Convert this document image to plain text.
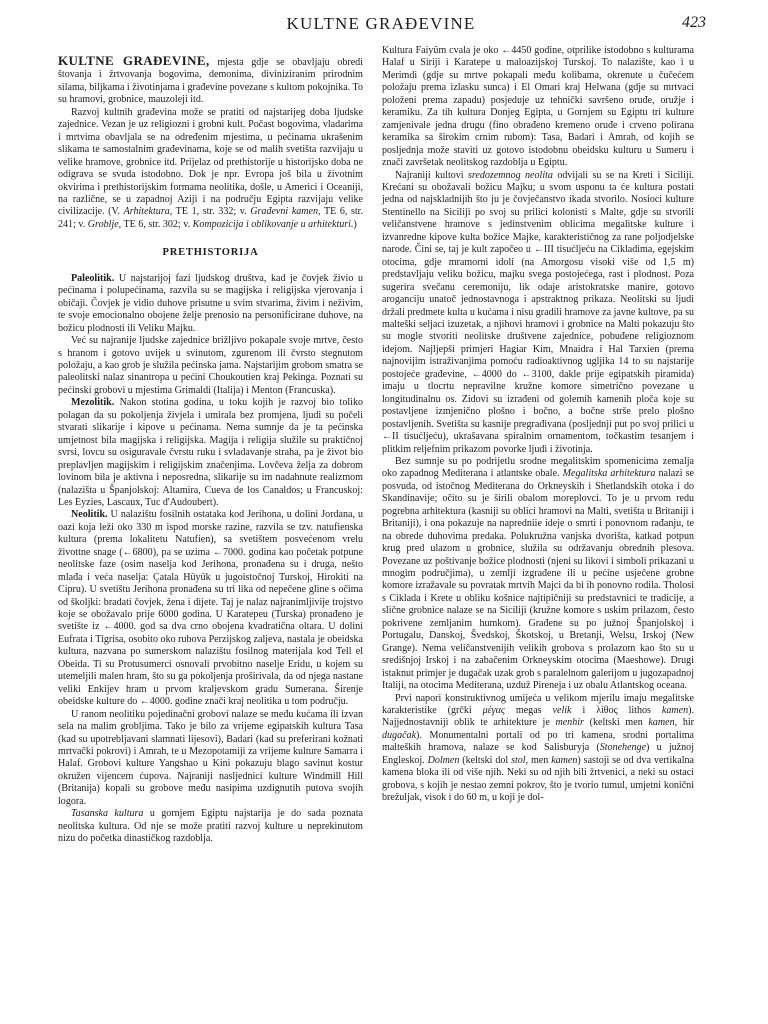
KULTNE GRAĐEVINE	423

KULTNE GRAĐEVINE, mjesta gdje se obavljaju obredi štovanja i žrtvovanja bogovima, demonima, diviniziranim prirodnim silama, biljkama i životinjama i građevine povezane s kultom pokojnika. To su hramovi, grobnice, mauzoleji itd.

Razvoj kultnih građevina može se pratiti od najstarijeg doba ljudske zajednice. Vezan je uz religiozni i grobni kult. Počast bogovima, vladarima i mrtvima obavljala se na određenim mjestima, u pećinama ukrašenim slikama te samostalnim građevinama, koje se od malih svetišta razvijaju u velike hramove, grobnice itd. Prijelaz od prethistorije u historijsko doba ne odigrava se svuda istodobno. Dok je npr. Evropa još bila u životnim okvirima i prethistorijskim formama neolitika, došle, u Americi i Oceaniji, na različne, se u zapadnoj Aziji i na području Egipta razvijaju velike civilizacije. (V. Arhitektura, TE 1, str. 332; v. Građevni kamen, TE 6, str. 241; v. Groblje, TE 6, str. 302; v. Kompozicija i oblikovanje u arhitekturi.)

PRETHISTORIJA

Paleolitik. U najstarijoj fazi ljudskog društva, kad je čovjek živio u pećinama i polupećinama, razvila su se magijska i religijska vjerovanja i običaji. Čovjek je vidio duhove prisutne u svim stvarima, živim i neživim, te svoje emocionalno obojene želje prenosio na personificirane duhove, na božicu plodnosti ili Veliku Majku.

Već su najranije ljudske zajednice brižljivo pokapale svoje mrtve, često s hranom i gotovo uvijek u svinutom, zgurenom ili čvrsto stegnutom položaju, a kao grob je služila pećinska jama. Najstarijim grobom smatra se paleolitski nalaz sinantropa u pećini Choukoutien kraj Pekinga. Poznati su pećinski grobovi u mjestima Grimaldi (Italija) i Menton (Francuska).

Mezolitik. Nakon stotina godina, u toku kojih je razvoj bio toliko polagan da su pokoljenja živjela i umirala bez promjena, ljudi su počeli stvarati slikarije i kipove u pećinama. Nema sumnje da je ta pećinska umjetnost bila magijska i religijska. Magija i religija služile su praktičnoj svrsi, lovcu su osiguravale čvrstu ruku i svladavanje straha, pa je život bio preplavljen magijskim i religijskim značenjima. Lovčeva želja za dobrom lovinom bila je aktivna i neposredna, slikarije su im nadahnute realizmom (nalazišta u Španjolskoj: Altamira, Cueva de los Canaldos; u Francuskoj: Les Eyzies, Lascaux, Tuc d'Audoubert).

Neolitik. U nalazištu fosilnih ostataka kod Jerihona, u dolini Jordana, u oazi koja leži oko 330 m ispod morske razine, razvila se tzv. natufienska kultura (prema lokalitetu Natufien), sa svetištem posvećenom vrelu živottne snage (←6800), pa se uzima ←7000. godina kao početak potpune neolitske faze (osim naselja kod Jerihona, pronađena su i druga, nešto mlađa i veća naselja: Çatala Hüyük u jugoistočnoj Turskoj, Hirokiti na Cipru). U svetištu Jerihona pronađena su tri lika od nepečene gline s očima od školjki: bradati čovjek, žena i dijete. Taj je nalaz najranimljivije trojstvo koje se obožavalo prije 6000 godina. U Karatepeu (Turska) pronađeno je svetište iz ←4000. god sa dva crno obojena kvadratična oltara. U dolini Eufrata i Tigrisa, osobito oko rubova Perzijskog zaljeva, nastala je obeidska kultura, nazvana po sumerskom nalazištu fosilnog materijala kod Tell el Obeida. Ti su Protusumerci osnovali prvobitno naselje Eridu, u kojem su utemeljili malen hram, što su ga pokoljenja proširivala, da od njega nastane veliki Enkijev hram u prvom kraljevskom gradu Sumerana. Širenje obeidske kulture do ←4000. godine znači kraj neolitika u tom području.

U ranom neolitiku pojedinačni grobovi nalaze se među kućama ili izvan sela na malim grobljima. Tako je bilo za vrijeme egipatskih kultura Tasa (kad su upotrebljavani slamnati lijesovi), Badari (kad su preferirani kožnati mrtvački pokrovi) i Amrah, te u Mezopotamiji za vrijeme kulture Samarra i Halaf. Grobovi kulture Yangshao u Kini pokazuju blago savinut kostur okružen vijencem ćupova. Najraniji nasljednici kulture Windmill Hill (Britanija) kopali su grobove među nasipima uzdignutih putova svojih logora.

Tasanska kultura u gornjem Egiptu najstarija je do sada poznata neolitska kultura. Od nje se može pratiti razvoj kulture u neprekinutom nizu do početka dinastičkog razdoblja.

Kultura Faiyûm cvala je oko ←4450 godine, otprilike istodobno s kulturama Halaf u Siriji i Karatepe u maloazijskoj Turskoj. To nalazište, kao i u Merimdi (gdje su mrtve pokapali među kolibama, okrenute u čučećem položaju prema izlasku sunca) i El Omari kraj Helwana (gdje su mrtvaci položeni prema zapadu) posjeduje uz tehnički savršeno oruđe, oružje i keramiku. Za tih kultura Donjeg Egipta, u Gornjem su Egiptu tri kulture zamjenivale jedna drugu (fino obrađeno kremeno oruđe i crveno polirana keramika sa širokim crnim rubom): Tasa, Badari i Amrah, od kojih se posljednja može staviti uz gotovo istodobnu obeidsku kulturu u Sumeru i znači završetak neolitskog razdoblja u Egiptu.

Najraniji kultovi sredozemnog neolita odvijali su se na Kreti i Siciliji. Krećani su obožavali božicu Majku; u svom usponu ta će kultura postati jedna od najskladnijih što ju je čovječanstvo ikada stvorilo. Nosioci kulture Stentinello na Siciliji po svoj su prilici kolonisti s Malte, gdje su stvorili veličanstvene hramove s jedinstvenim oblicima megalitske kulture i izvanredne kipove kulta božice Majke, karakterističnog za rane poljodjelske narode. Čini se, taj je kult započeo u ←III tisućljeću na Cikladima, egejskim otocima, gdje mramorni idoli (na Amorgosu visoki više od 1,5 m) predstavljaju veliku božicu, majku svega postojećega, rast i plodnost. Poza sugerira svečanu ceremoniju, lik odaje aristokratske manire, gotovo aroganciju unatoč jednostavnoga i apstraktnog prikaza. Neolitski su ljudi držali predmete kulta u kućama i nisu gradili hramove za javne kultove, pa su malteški seljaci izuzetak, a njihovi hramovi i grobnice na Malti pokazuju što su mogle stvoriti neolitske društvene zajednice, pobuđene religioznom idejom. Najljepši primjeri Hagiar Kim, Mnaidra i Hal Tarxien (prema najnovijim istraživanjima pomoću radioaktivnog ugljika 14 to su najstarije postojeće građevine, ←4000 do ←3100, dakle prije egipatskih piramida) imaju u tlocrtu nepravilne kružne komore simetrično povezane u longitudinalnu os. Zidovi su izrađeni od golemih kamenih ploča koje su postavljene izmjenično plošno i bočno, a bočne strše prelo plošno postavljenih. Svetišta su kasnije pregrađivana (posljednji put po svoj prilici u ←II tisućljeću), ukrašavana spiralnim ornamentom, točkastim tesanjem i plitkim reljefnim prikazom povorke ljudi i životinja.

Bez sumnje su po podrijetlu srodne megalitskim spomenicima zemalja oko zapadnog Mediterana i atlantske obale. Megalitska arhitektura nalazi se posvuda, od istočnog Mediterana do Orkneyskih i Shetlandskih otoka i do Skandinavije; očito su je širili obalom moreplovci. To je u prvom redu pogrebna arhitektura (kasniji su oblici hramovi na Malti, svetišta u Britaniji i Britaniji), i ona pokazuje na napredniie ideje o smrti i ponovnom rađanju, te na obrede duhovima predaka. Polukružna vanjska dvorišta, katkad potpun krug pred ulazom u grobnice, služila su održavanju obrednih plesova. Povezane uz poštivanje božice plodnosti (njeni su likovi i simboli prikazani u mnogim područjima), u zemlji izgrađene ili u pećine usječene grobne komore izražavale su povratak mrtvih Majci da bi ih ponovno rodila. Tholosi s Ciklada i Krete u obliku košnice najtipičniji su predstavnici te tradicije, a slične grobnice nalaze se na Siciliji (kružne komore s uskim prilazom, često pokrivene zemljanim humkom). Građene su po južnoj Španjolskoj i Portugalu, Danskoj, Švedskoj, Škotskoj, u Bretanji, Welsu, Irskoj (New Grange). Nema veličanstvenijih velikih grobova s prolazom kao što su u središnjoj Irskoj i na zabačenim Orkneyskim otocima (Maeshowe). Drugi istaknut primjer je dugačak uzak grob s paralelnom galerijom u jugozapadnoj Italiji, na otocima Mediterana, uzduž Pireneja i uz obalu Atlantskog oceana.

Prvi napori konstruktivnog umijeća u velikom mjerilu imaju megalitske karakteristike (grčki μέγας megas velik i λίθος lithos kamen). Najjednostavniji oblik te arhitekture je menhir (keltski men kamen, hir dugačak). Monumentalni portali od po tri kamena, srodni portalima malteških hramova, nalaze se kod Salisburyja (Stonehenge) u južnoj Engleskoj. Dolmen (keltski dol stol, men kamen) sastoji se od dva vertikalna kamena bloka ili od više njih. Neki su od njih bili žrtvenici, a neki su ostaci grobova, s kojih je nestao zemni pokrov, što je tvorio tumul, umjetni konični brežuljak, visok i do 60 m, u koji je dol-
